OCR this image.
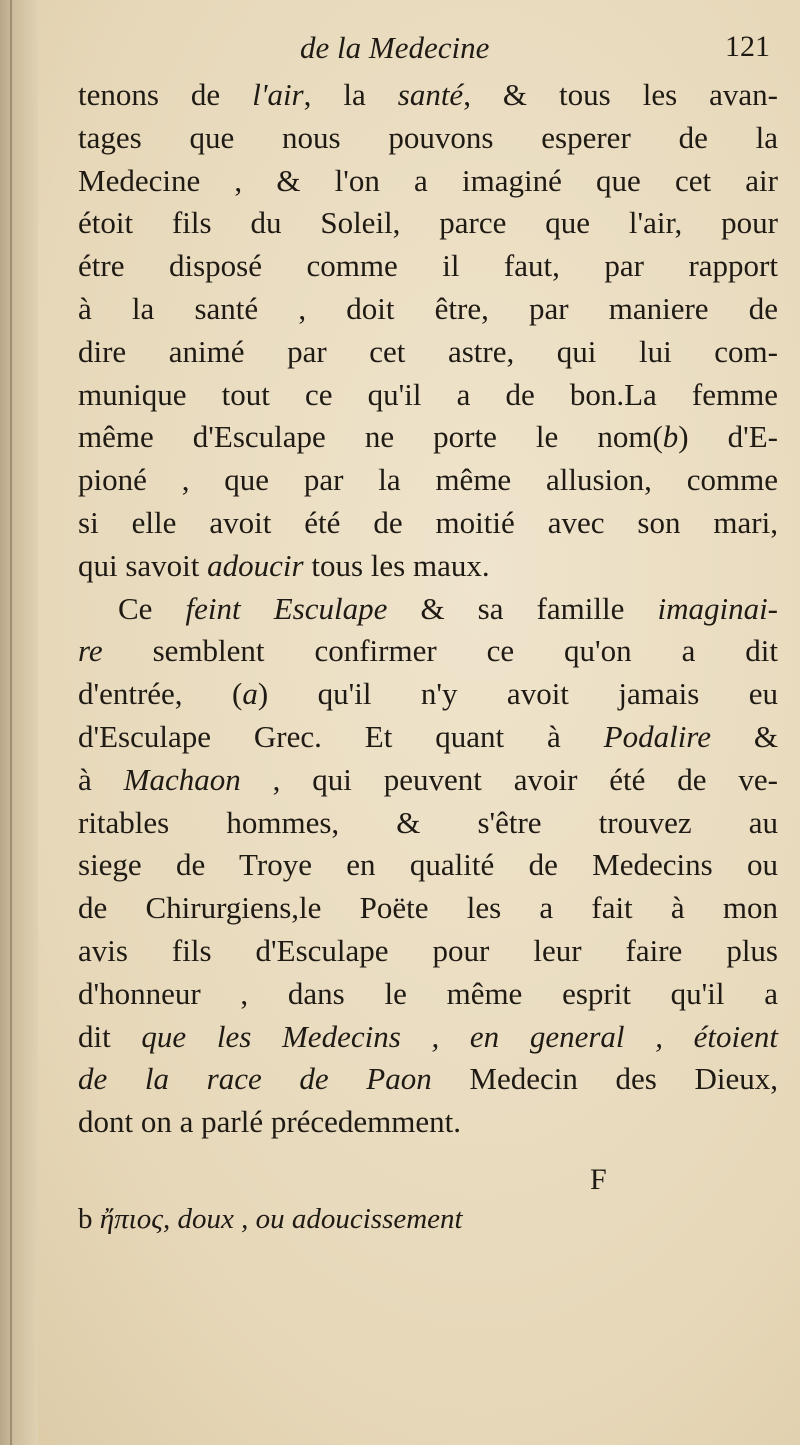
de la Medecine	121
tenons de l'air, la santé, & tous les avan-
tages que nous pouvons esperer de la
Medecine , & l'on a imaginé que cet air
étoit fils du Soleil, parce que l'air, pour
étre disposé comme il faut, par rapport
à la santé , doit être, par maniere de
dire animé par cet astre, qui lui com-
munique tout ce qu'il a de bon.La femme
même d'Esculape ne porte le nom(b) d'E-
pioné , que par la même allusion, comme
si elle avoit été de moitié avec son mari,
qui savoit adoucir tous les maux.
Ce feint Esculape & sa famille imaginai-
re semblent confirmer ce qu'on a dit
d'entrée, (a) qu'il n'y avoit jamais eu
d'Esculape Grec. Et quant à Podalire &
à Machaon , qui peuvent avoir été de ve-
ritables hommes, & s'être trouvez au
siege de Troye en qualité de Medecins ou
de Chirurgiens,le Poëte les a fait à mon
avis fils d'Esculape pour leur faire plus
d'honneur , dans le même esprit qu'il a
dit que les Medecins , en general , étoient
de la race de Paon Medecin des Dieux,
dont on a parlé précedemment.
F
b ἤπιος, doux , ou adoucissement
